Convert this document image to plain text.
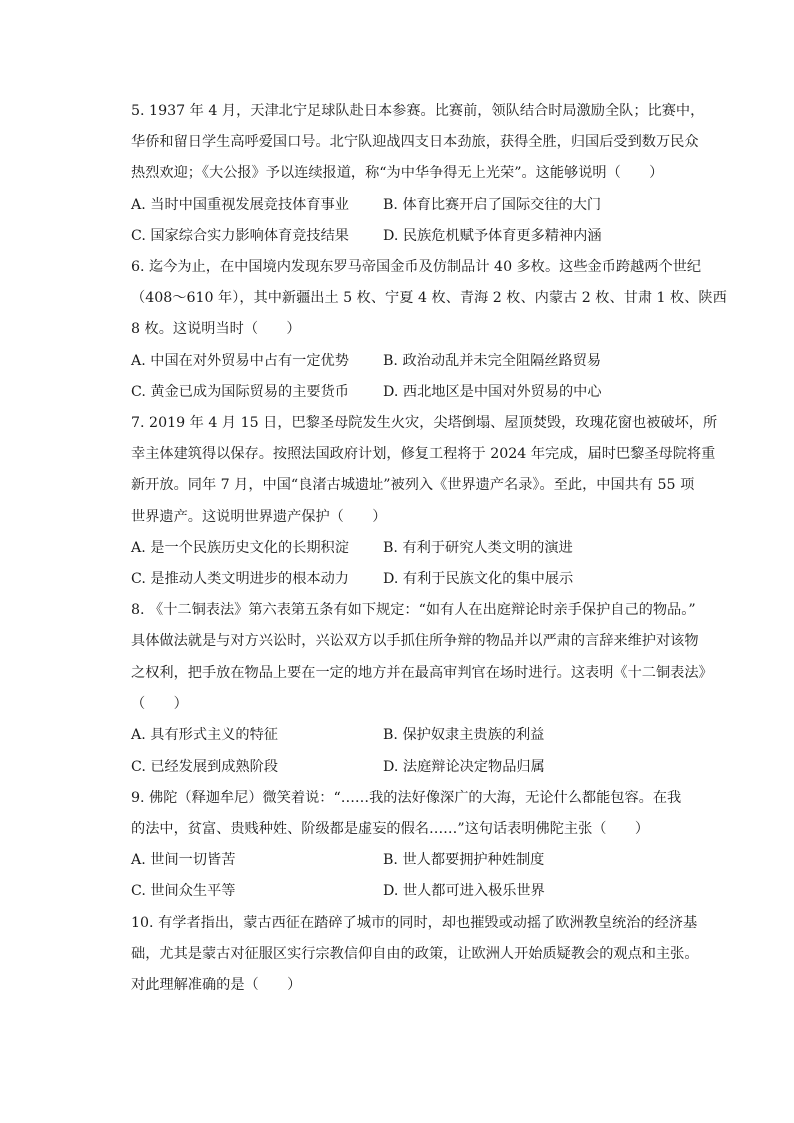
5. 1937 年 4 月，天津北宁足球队赴日本参赛。比赛前，领队结合时局激励全队；比赛中，
华侨和留日学生高呼爱国口号。北宁队迎战四支日本劲旅，获得全胜，归国后受到数万民众
热烈欢迎；《大公报》予以连续报道，称“为中华争得无上光荣”。这能够说明（　　）
A. 当时中国重视发展竞技体育事业 B. 体育比赛开启了国际交往的大门
C. 国家综合实力影响体育竞技结果 D. 民族危机赋予体育更多精神内涵
6. 迄今为止，在中国境内发现东罗马帝国金币及仿制品计 40 多枚。这些金币跨越两个世纪
（408～610 年），其中新疆出土 5 枚、宁夏 4 枚、青海 2 枚、内蒙古 2 枚、甘肃 1 枚、陕西
8 枚。这说明当时（　　）
A. 中国在对外贸易中占有一定优势 B. 政治动乱并未完全阻隔丝路贸易
C. 黄金已成为国际贸易的主要货币 D. 西北地区是中国对外贸易的中心
7. 2019 年 4 月 15 日，巴黎圣母院发生火灾，尖塔倒塌、屋顶焚毁，玫瑰花窗也被破坏，所
幸主体建筑得以保存。按照法国政府计划，修复工程将于 2024 年完成，届时巴黎圣母院将重
新开放。同年 7 月，中国“良渚古城遗址”被列入《世界遗产名录》。至此，中国共有 55 项
世界遗产。这说明世界遗产保护（　　）
A. 是一个民族历史文化的长期积淀 B. 有利于研究人类文明的演进
C. 是推动人类文明进步的根本动力 D. 有利于民族文化的集中展示
8. 《十二铜表法》第六表第五条有如下规定：“如有人在出庭辩论时亲手保护自己的物品。”
具体做法就是与对方兴讼时，兴讼双方以手抓住所争辩的物品并以严肃的言辞来维护对该物
之权利，把手放在物品上要在一定的地方并在最高审判官在场时进行。这表明《十二铜表法》
（　　）
A. 具有形式主义的特征	B. 保护奴隶主贵族的利益
C. 已经发展到成熟阶段	D. 法庭辩论决定物品归属
9. 佛陀（释迦牟尼）微笑着说：“……我的法好像深广的大海，无论什么都能包容。在我
的法中，贫富、贵贱种姓、阶级都是虚妄的假名……”这句话表明佛陀主张（　　）
A. 世间一切皆苦	B. 世人都要拥护种姓制度
C. 世间众生平等	D. 世人都可进入极乐世界
10. 有学者指出，蒙古西征在踏碎了城市的同时，却也摧毁或动摇了欧洲教皇统治的经济基
础，尤其是蒙古对征服区实行宗教信仰自由的政策，让欧洲人开始质疑教会的观点和主张。
对此理解准确的是（　　）
